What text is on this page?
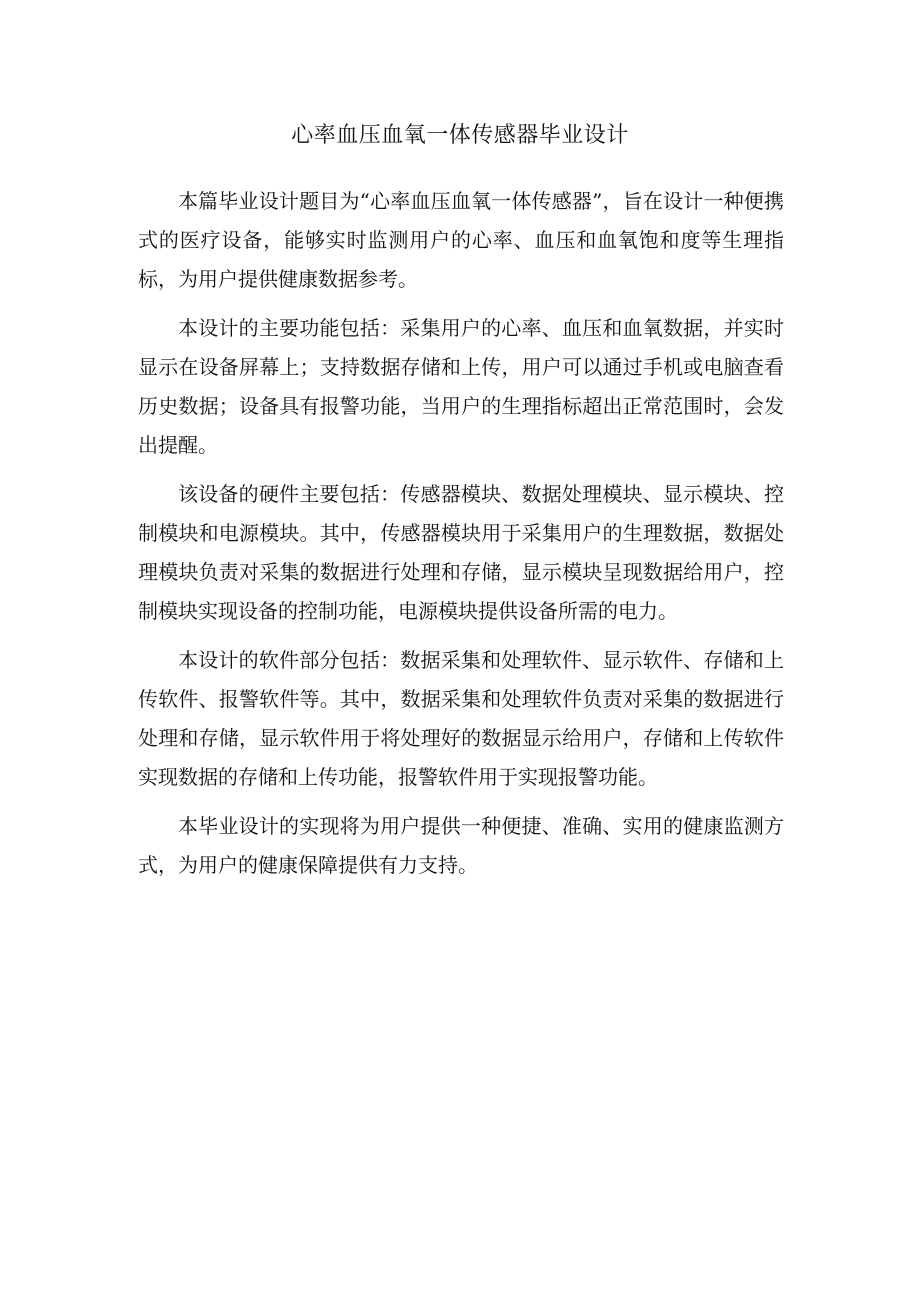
心率血压血氧一体传感器毕业设计

本篇毕业设计题目为“心率血压血氧一体传感器”，旨在设计一种便携式的医疗设备，能够实时监测用户的心率、血压和血氧饱和度等生理指标，为用户提供健康数据参考。

本设计的主要功能包括：采集用户的心率、血压和血氧数据，并实时显示在设备屏幕上；支持数据存储和上传，用户可以通过手机或电脑查看历史数据；设备具有报警功能，当用户的生理指标超出正常范围时，会发出提醒。

该设备的硬件主要包括：传感器模块、数据处理模块、显示模块、控制模块和电源模块。其中，传感器模块用于采集用户的生理数据，数据处理模块负责对采集的数据进行处理和存储，显示模块呈现数据给用户，控制模块实现设备的控制功能，电源模块提供设备所需的电力。

本设计的软件部分包括：数据采集和处理软件、显示软件、存储和上传软件、报警软件等。其中，数据采集和处理软件负责对采集的数据进行处理和存储，显示软件用于将处理好的数据显示给用户，存储和上传软件实现数据的存储和上传功能，报警软件用于实现报警功能。

本毕业设计的实现将为用户提供一种便捷、准确、实用的健康监测方式，为用户的健康保障提供有力支持。
